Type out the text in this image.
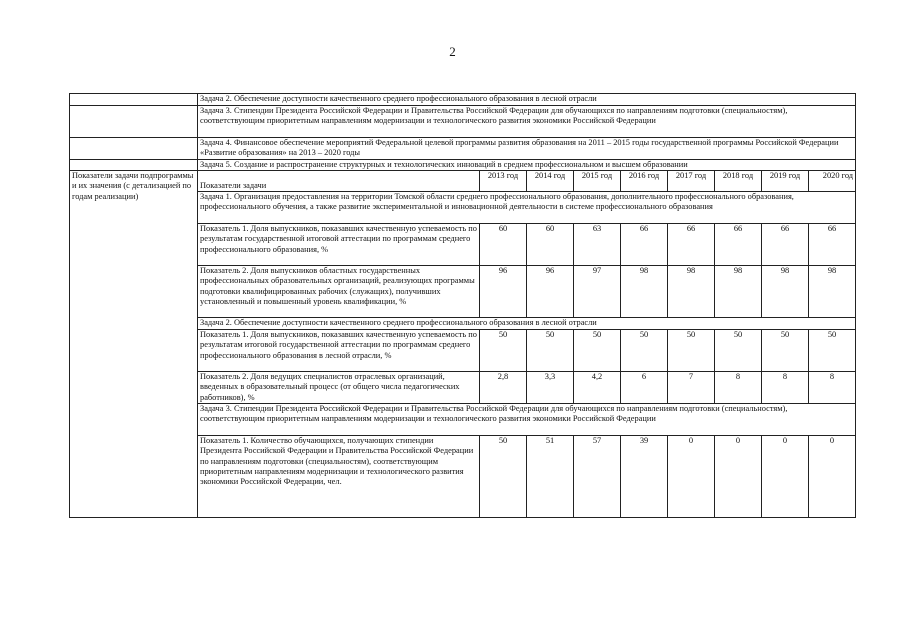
2
	Задача 2. Обеспечение доступности качественного среднего профессионального образования в лесной отрасли								
	Задача 3. Стипендии Президента Российской Федерации и Правительства Российской Федерации для обучающихся по направлениям подготовки (специальностям), соответствующим приоритетным направлениям модернизации и технологического развития экономики Российской Федерации								
	Задача 4. Финансовое обеспечение мероприятий Федеральной целевой программы развития образования на 2011 – 2015 годы государственной программы Российской Федерации «Развитие образования» на 2013 – 2020 годы								
	Задача 5. Создание и распространение структурных и технологических инноваций в среднем профессиональном и высшем образовании								
Показатели задачи подпрограммы и их значения (с детализацией по годам реализации)	Показатели задачи	2013 год	2014 год	2015 год	2016 год	2017 год	2018 год	2019 год	2020 год
	Задача 1. Организация предоставления на территории Томской области среднего профессионального образования, дополнительного профессионального образования, профессионального обучения, а также развитие экспериментальной и инновационной деятельности в системе профессионального образования								
	Показатель 1. Доля выпускников, показавших качественную успеваемость по результатам государственной итоговой аттестации по программам среднего профессионального образования, %	60	60	63	66	66	66	66	66
	Показатель 2. Доля выпускников областных государственных профессиональных образовательных организаций, реализующих программы подготовки квалифицированных рабочих (служащих), получивших установленный и повышенный уровень квалификации, %	96	96	97	98	98	98	98	98
	Задача 2. Обеспечение доступности качественного среднего профессионального образования в лесной отрасли								
	Показатель 1. Доля выпускников, показавших качественную успеваемость по результатам итоговой государственной аттестации по программам среднего профессионального образования в лесной отрасли, %	50	50	50	50	50	50	50	50
	Показатель 2. Доля ведущих специалистов отраслевых организаций, введенных в образовательный процесс (от общего числа педагогических работников), %	2,8	3,3	4,2	6	7	8	8	8
	Задача 3. Стипендии Президента Российской Федерации и Правительства Российской Федерации для обучающихся по направлениям подготовки (специальностям), соответствующим приоритетным направлениям модернизации и технологического развития экономики Российской Федерации								
	Показатель 1. Количество обучающихся, получающих стипендии Президента Российской Федерации и Правительства Российской Федерации по направлениям подготовки (специальностям), соответствующим приоритетным направлениям модернизации и технологического развития экономики Российской Федерации, чел.	50	51	57	39	0	0	0	0
